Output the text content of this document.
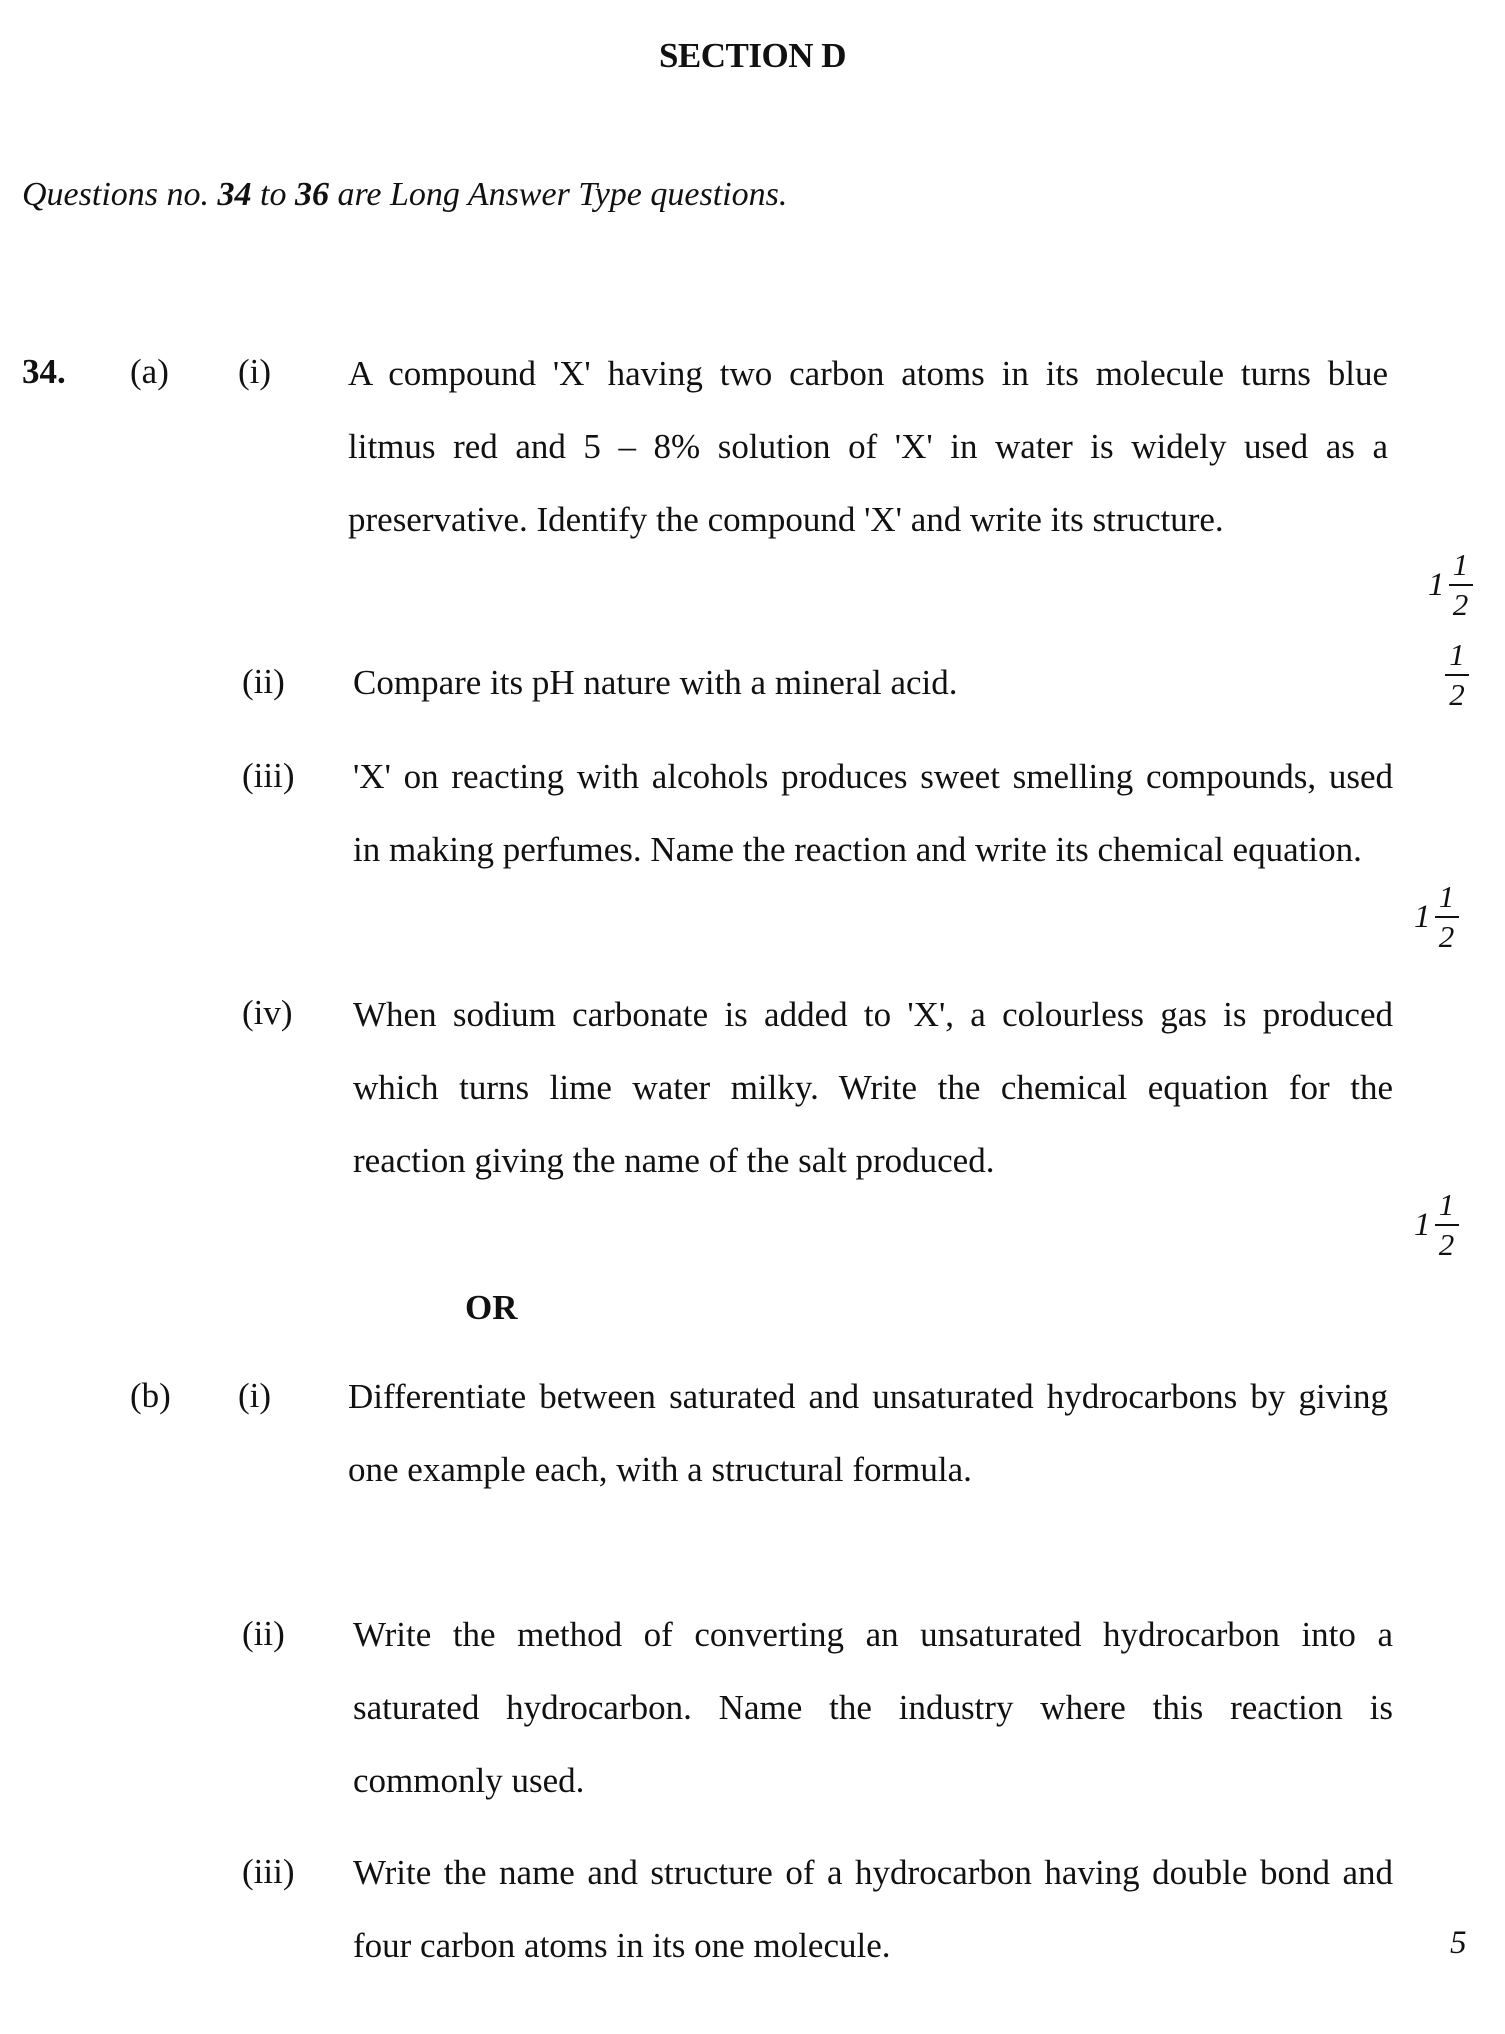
SECTION D
Questions no. 34 to 36 are Long Answer Type questions.
34. (a) (i) A compound 'X' having two carbon atoms in its molecule turns blue litmus red and 5 – 8% solution of 'X' in water is widely used as a preservative. Identify the compound 'X' and write its structure.
$1 \frac{1}{2}$
(ii) Compare its pH nature with a mineral acid.	$\frac{1}{2}$
(iii) 'X' on reacting with alcohols produces sweet smelling compounds, used in making perfumes. Name the reaction and write its chemical equation.
$1 \frac{1}{2}$
(iv) When sodium carbonate is added to 'X', a colourless gas is produced which turns lime water milky. Write the chemical equation for the reaction giving the name of the salt produced.
$1 \frac{1}{2}$
OR
(b) (i) Differentiate between saturated and unsaturated hydrocarbons by giving one example each, with a structural formula.
(ii) Write the method of converting an unsaturated hydrocarbon into a saturated hydrocarbon. Name the industry where this reaction is commonly used.
(iii) Write the name and structure of a hydrocarbon having double bond and four carbon atoms in its one molecule.	5
